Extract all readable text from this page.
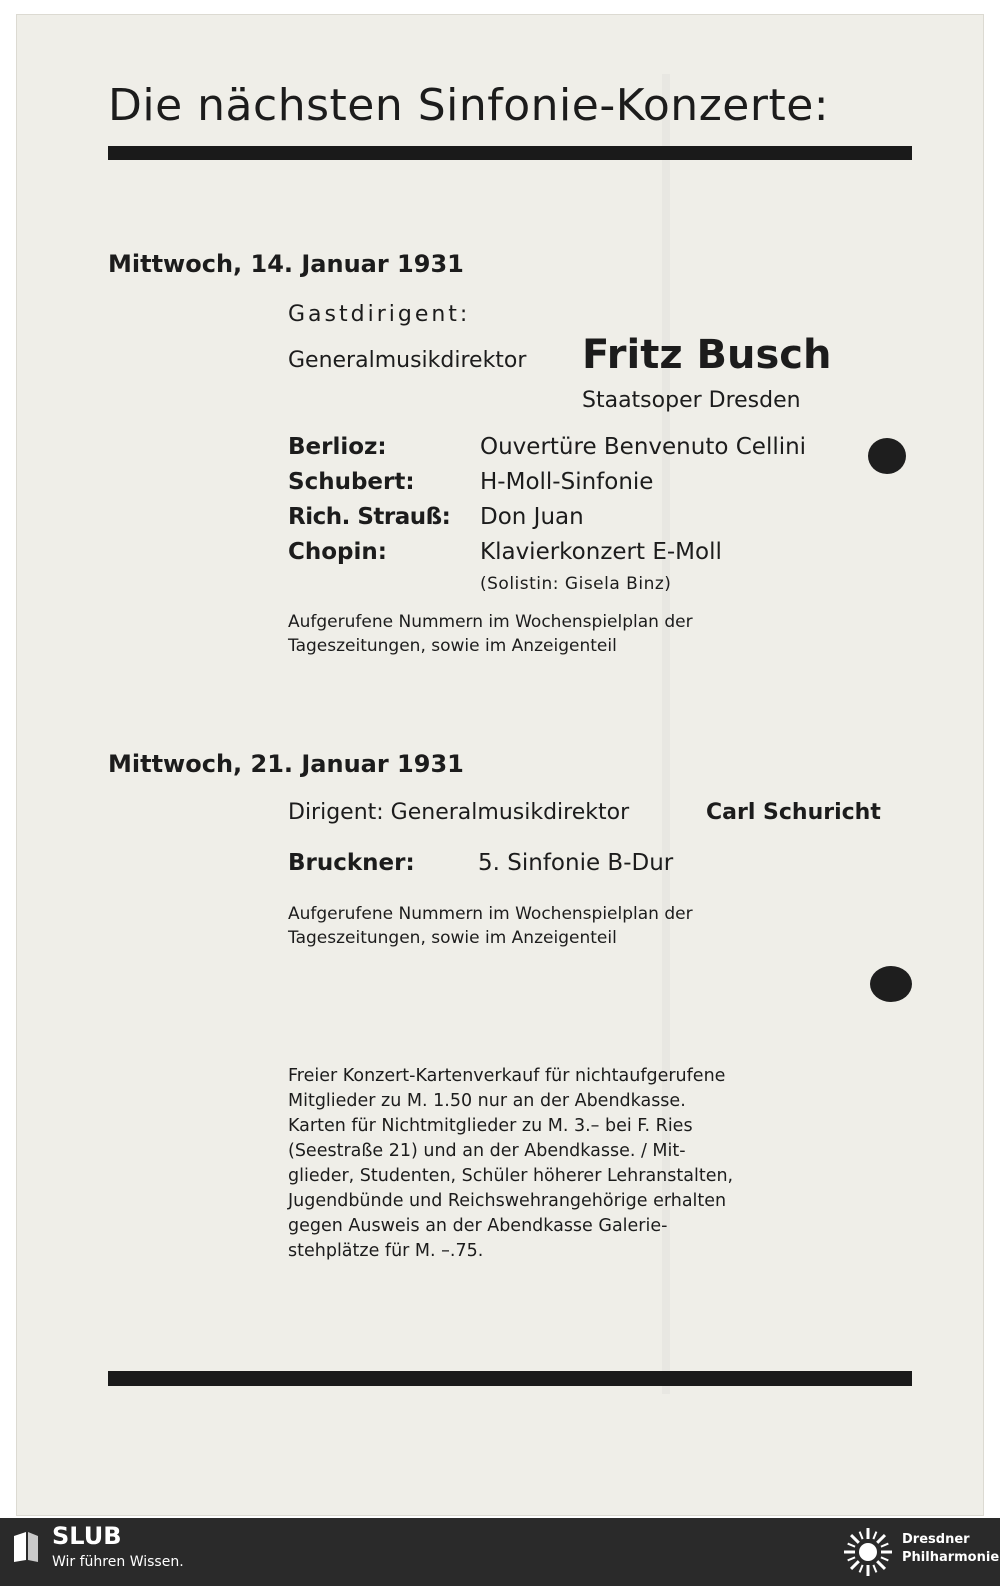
Die nächsten Sinfonie-Konzerte:
Mittwoch, 14. Januar 1931
Gastdirigent:
Generalmusikdirektor Fritz Busch
Staatsoper Dresden
Berlioz:	Ouvertüre Benvenuto Cellini
Schubert:	H-Moll-Sinfonie
Rich. Strauß: Don Juan
Chopin:	Klavierkonzert E-Moll
(Solistin: Gisela Binz)
Aufgerufene Nummern im Wochenspielplan der
Tageszeitungen, sowie im Anzeigenteil
Mittwoch, 21. Januar 1931
Dirigent: Generalmusikdirektor	Carl Schuricht
Bruckner:	5. Sinfonie B-Dur
Aufgerufene Nummern im Wochenspielplan der
Tageszeitungen, sowie im Anzeigenteil
Freier Konzert-Kartenverkauf für nichtaufgerufene
Mitglieder zu M. 1.50 nur an der Abendkasse.
Karten für Nichtmitglieder zu M. 3.– bei F. Ries
(Seestraße 21) und an der Abendkasse. / Mit-
glieder, Studenten, Schüler höherer Lehranstalten,
Jugendbünde und Reichswehrangehörige erhalten
gegen Ausweis an der Abendkasse Galerie-
stehplätze für M. –.75.
SLUB
Wir führen Wissen.
Dresdner
Philharmonie
